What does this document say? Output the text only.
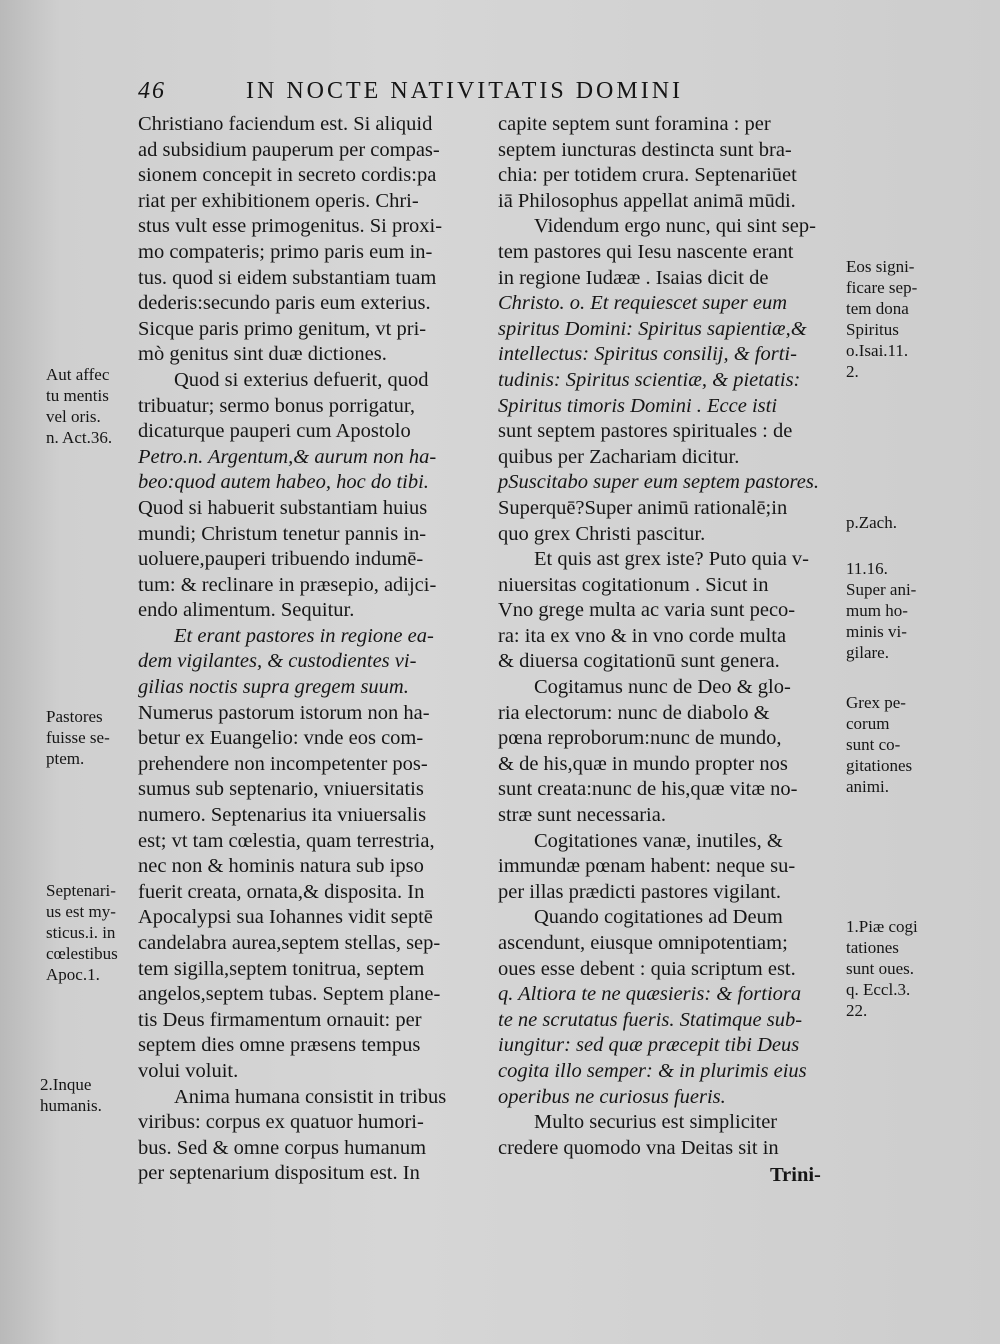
46	IN NOCTE NATIVITATIS DOMINI
Christiano faciendum est. Si aliquid
ad subsidium pauperum per compas-
sionem concepit in secreto cordis:pa
riat per exhibitionem operis. Chri-
stus vult esse primogenitus. Si proxi-
mo compateris; primo paris eum in-
tus. quod si eidem substantiam tuam
dederis:secundo paris eum exterius.
Sicque paris primo genitum, vt pri-
mò genitus sint duæ dictiones.
Quod si exterius defuerit, quod
tribuatur; sermo bonus porrigatur,
dicaturque pauperi cum Apostolo
Petro.n. Argentum,& aurum non ha-
beo:quod autem habeo, hoc do tibi.
Quod si habuerit substantiam huius
mundi; Christum tenetur pannis in-
uoluere,pauperi tribuendo indumē-
tum: & reclinare in præsepio, adijci-
endo alimentum. Sequitur.
Et erant pastores in regione ea-
dem vigilantes, & custodientes vi-
gilias noctis supra gregem suum.
Numerus pastorum istorum non ha-
betur ex Euangelio: vnde eos com-
prehendere non incompetenter pos-
sumus sub septenario, vniuersitatis
numero. Septenarius ita vniuersalis
est; vt tam cœlestia, quam terrestria,
nec non & hominis natura sub ipso
fuerit creata, ornata,& disposita. In
Apocalypsi sua Iohannes vidit septē
candelabra aurea,septem stellas, sep-
tem sigilla,septem tonitrua, septem
angelos,septem tubas. Septem plane-
tis Deus firmamentum ornauit: per
septem dies omne præsens tempus
volui voluit.
Anima humana consistit in tribus
viribus: corpus ex quatuor humori-
bus. Sed & omne corpus humanum
per septenarium dispositum est. In
capite septem sunt foramina : per
septem iuncturas destincta sunt bra-
chia: per totidem crura. Septenariūet
iā Philosophus appellat animā mūdi.
Videndum ergo nunc, qui sint sep-
tem pastores qui Iesu nascente erant
in regione Iudææ . Isaias dicit de
Christo. o. Et requiescet super eum
spiritus Domini: Spiritus sapientiæ,&
intellectus: Spiritus consilij, & forti-
tudinis: Spiritus scientiæ, & pietatis:
Spiritus timoris Domini . Ecce isti
sunt septem pastores spirituales : de
quibus per Zachariam dicitur.
pSuscitabo super eum septem pastores.
Superquē?Super animū rationalē;in
quo grex Christi pascitur.
Et quis ast grex iste? Puto quia v-
niuersitas cogitationum . Sicut in
Vno grege multa ac varia sunt peco-
ra: ita ex vno & in vno corde multa
& diuersa cogitationū sunt genera.
Cogitamus nunc de Deo & glo-
ria electorum: nunc de diabolo &
pœna reproborum:nunc de mundo,
& de his,quæ in mundo propter nos
sunt creata:nunc de his,quæ vitæ no-
stræ sunt necessaria.
Cogitationes vanæ, inutiles, &
immundæ pœnam habent: neque su-
per illas prædicti pastores vigilant.
Quando cogitationes ad Deum
ascendunt, eiusque omnipotentiam;
oues esse debent : quia scriptum est.
q. Altiora te ne quæsieris: & fortiora
te ne scrutatus fueris. Statimque sub-
iungitur: sed quæ præcepit tibi Deus
cogita illo semper: & in plurimis eius
operibus ne curiosus fueris.
Multo securius est simpliciter
credere quomodo vna Deitas sit in
Trini-
Aut affec
tu mentis
vel oris.
n. Act.36.
Pastores
fuisse se-
ptem.
Septenari-
us est my-
sticus.i. in
cœlestibus
Apoc.1.
2.Inque
humanis.
Eos signi-
ficare sep-
tem dona
Spiritus
o.Isai.11.
2.
p.Zach.
11.16.
Super ani-
mum ho-
minis vi-
gilare.
Grex pe-
corum
sunt co-
gitationes
animi.
1.Piæ cogi
tationes
sunt oues.
q. Eccl.3.
22.
